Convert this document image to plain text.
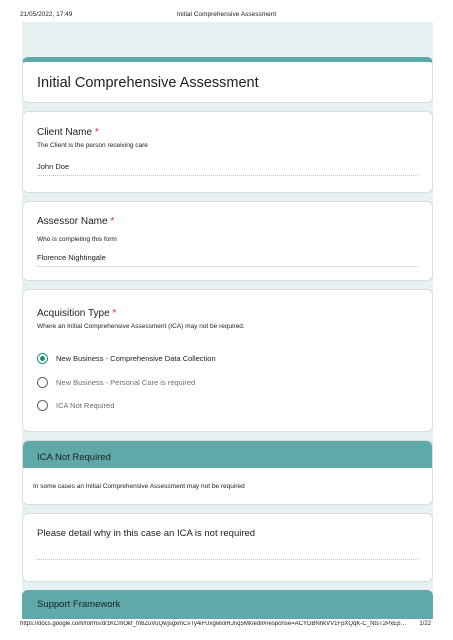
21/05/2022, 17:49	Initial Comprehensive Assessment
Initial Comprehensive Assessment
Client Name *
The Client is the person receiving care
John Doe
Assessor Name *
Who is completing this form
Florence Nightingale
Acquisition Type *
Where an Initial Comprehensive Assessment (ICA) may not be required.
New Business - Comprehensive Data Collection
New Business - Personal Care is required
ICA Not Required
ICA Not Required
In some cases an Initial Comprehensive Assessment may not be required
Please detail why in this case an ICA is not required
Support Framework
https://docs.google.com/forms/d/1KCmOkf_fn8ZuVuQwjsgxmCvTy4iFUxgwIolRJnq5Mk/edit#response=ACYDBNhkVV1FpXQqK-C_NtsT2PxEp…	1/22
